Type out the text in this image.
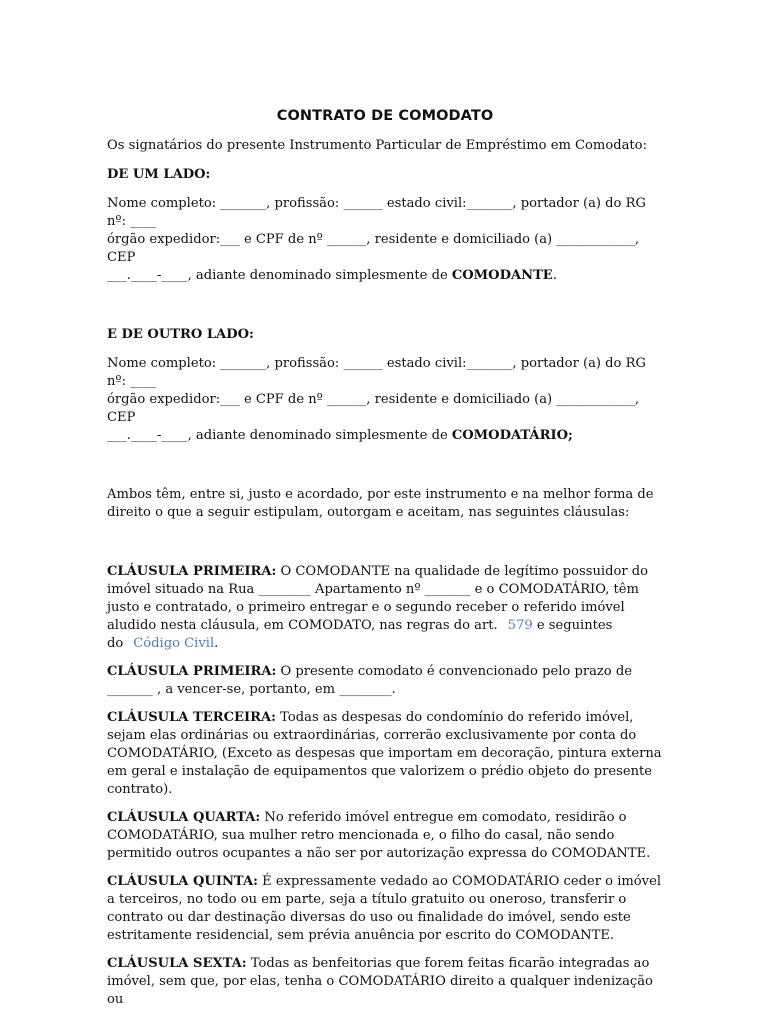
CONTRATO DE COMODATO

Os signatários do presente Instrumento Particular de Empréstimo em Comodato:

DE UM LADO:

Nome completo: _______, profissão: ______ estado civil:_______, portador (a) do RG nº: ____

órgão expedidor:___ e CPF de nº ______, residente e domiciliado (a) ____________, CEP

___.____-____, adiante denominado simplesmente de COMODANTE.

E DE OUTRO LADO:

Nome completo: _______, profissão: ______ estado civil:_______, portador (a) do RG nº: ____

órgão expedidor:___ e CPF de nº ______, residente e domiciliado (a) ____________, CEP

___.____-____, adiante denominado simplesmente de COMODATÁRIO;

Ambos têm, entre si, justo e acordado, por este instrumento e na melhor forma de direito o que a seguir estipulam, outorgam e aceitam, nas seguintes cláusulas:

CLÁUSULA PRIMEIRA: O COMODANTE na qualidade de legítimo possuidor do imóvel situado na Rua ________ Apartamento nº _______ e o COMODATÁRIO, têm justo e contratado, o primeiro entregar e o segundo receber o referido imóvel aludido nesta cláusula, em COMODATO, nas regras do art. 579 e seguintes do Código Civil.

CLÁUSULA PRIMEIRA: O presente comodato é convencionado pelo prazo de _______ , a vencer-se, portanto, em ________.

CLÁUSULA TERCEIRA: Todas as despesas do condomínio do referido imóvel, sejam elas ordinárias ou extraordinárias, correrão exclusivamente por conta do COMODATÁRIO, (Exceto as despesas que importam em decoração, pintura externa em geral e instalação de equipamentos que valorizem o prédio objeto do presente contrato).

CLÁUSULA QUARTA: No referido imóvel entregue em comodato, residirão o COMODATÁRIO, sua mulher retro mencionada e, o filho do casal, não sendo permitido outros ocupantes a não ser por autorização expressa do COMODANTE.

CLÁUSULA QUINTA: É expressamente vedado ao COMODATÁRIO ceder o imóvel a terceiros, no todo ou em parte, seja a título gratuito ou oneroso, transferir o contrato ou dar destinação diversas do uso ou finalidade do imóvel, sendo este estritamente residencial, sem prévia anuência por escrito do COMODANTE.

CLÁUSULA SEXTA: Todas as benfeitorias que forem feitas ficarão integradas ao imóvel, sem que, por elas, tenha o COMODATÁRIO direito a qualquer indenização ou
